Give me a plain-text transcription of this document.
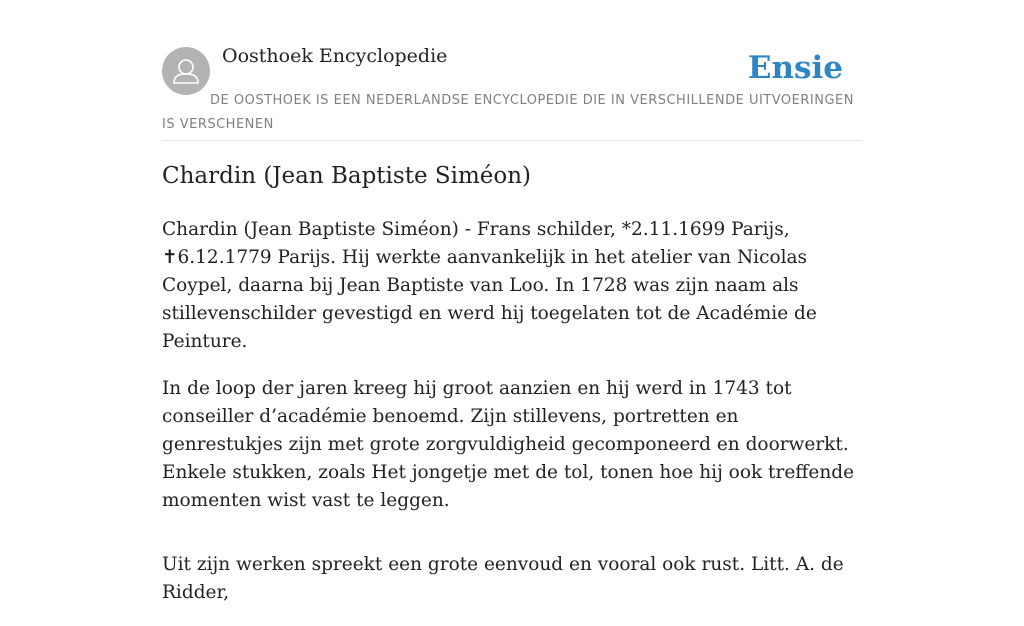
Oosthoek Encyclopedie	Ensie
DE OOSTHOEK IS EEN NEDERLANDSE ENCYCLOPEDIE DIE IN VERSCHILLENDE UITVOERINGEN IS VERSCHENEN
Chardin (Jean Baptiste Siméon)

Chardin (Jean Baptiste Siméon) - Frans schilder, *2.11.1699 Parijs, ✝6.12.1779 Parijs. Hij werkte aanvankelijk in het atelier van Nicolas Coypel, daarna bij Jean Baptiste van Loo. In 1728 was zijn naam als stillevenschilder gevestigd en werd hij toegelaten tot de Académie de Peinture.

In de loop der jaren kreeg hij groot aanzien en hij werd in 1743 tot conseiller d’académie benoemd. Zijn stillevens, portretten en genrestukjes zijn met grote zorgvuldigheid gecomponeerd en doorwerkt. Enkele stukken, zoals Het jongetje met de tol, tonen hoe hij ook treffende momenten wist vast te leggen.

Uit zijn werken spreekt een grote eenvoud en vooral ook rust. Litt. A. de Ridder,
